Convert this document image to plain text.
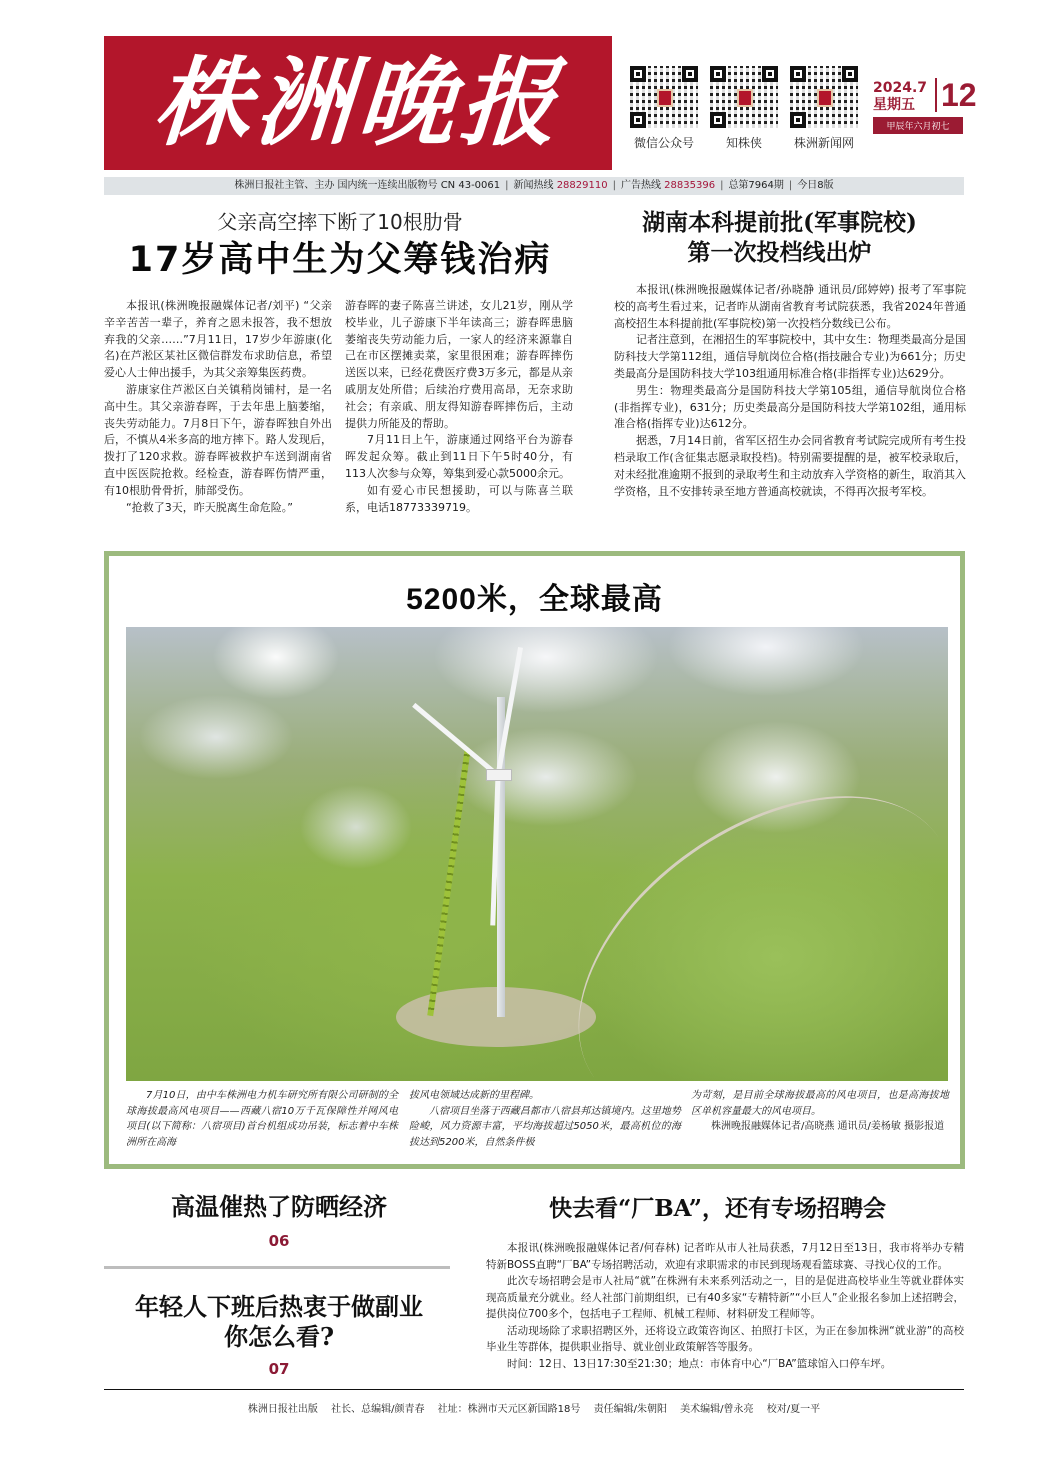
株洲晚报	微信公众号	知株侠	株洲新闻网
2024.7
星期五 12
甲辰年六月初七
株洲日报社主管、主办 国内统一连续出版物号 CN 43-0061 | 新闻热线 28829110 | 广告热线 28835396 | 总第7964期 | 今日8版
父亲高空摔下断了10根肋骨
17岁高中生为父筹钱治病

本报讯(株洲晚报融媒体记者/刘平) “父亲辛辛苦苦一辈子，养育之恩未报答，我不想放弃我的父亲……”7月11日，17岁少年游康(化名)在芦淞区某社区微信群发布求助信息，希望爱心人士伸出援手，为其父亲筹集医药费。

游康家住芦淞区白关镇稍岗铺村，是一名高中生。其父亲游春晖，于去年患上脑萎缩，丧失劳动能力。7月8日下午，游春晖独自外出后，不慎从4米多高的地方摔下。路人发现后，拨打了120求救。游春晖被救护车送到湖南省直中医医院抢救。经检查，游春晖伤情严重，有10根肋骨骨折，肺部受伤。

“抢救了3天，昨天脱离生命危险。”

游春晖的妻子陈喜兰讲述，女儿21岁，刚从学校毕业，儿子游康下半年读高三；游春晖患脑萎缩丧失劳动能力后，一家人的经济来源靠自己在市区摆摊卖菜，家里很困难；游春晖摔伤送医以来，已经花费医疗费3万多元，都是从亲戚朋友处所借；后续治疗费用高昂，无奈求助社会；有亲戚、朋友得知游春晖摔伤后，主动提供力所能及的帮助。

7月11日上午，游康通过网络平台为游春晖发起众筹。截止到11日下午5时40分，有113人次参与众筹，筹集到爱心款5000余元。

如有爱心市民想援助，可以与陈喜兰联系，电话18773339719。

湖南本科提前批(军事院校)
第一次投档线出炉

本报讯(株洲晚报融媒体记者/孙晓静 通讯员/邱婷婷) 报考了军事院校的高考生看过来，记者昨从湖南省教育考试院获悉，我省2024年普通高校招生本科提前批(军事院校)第一次投档分数线已公布。

记者注意到，在湘招生的军事院校中，其中女生：物理类最高分是国防科技大学第112组，通信导航岗位合格(指技融合专业)为661分；历史类最高分是国防科技大学103组通用标准合格(非指挥专业)达629分。

男生：物理类最高分是国防科技大学第105组，通信导航岗位合格(非指挥专业)，631分；历史类最高分是国防科技大学第102组，通用标准合格(指挥专业)达612分。

据悉，7月14日前，省军区招生办会同省教育考试院完成所有考生投档录取工作(含征集志愿录取投档)。特别需要提醒的是，被军校录取后，对未经批准逾期不报到的录取考生和主动放弃入学资格的新生，取消其入学资格，且不安排转录至地方普通高校就读，不得再次报考军校。

5200米，全球最高

7月10日，由中车株洲电力机车研究所有限公司研制的全球海拔最高风电项目——西藏八宿10万千瓦保障性并网风电项目(以下简称：八宿项目)首台机组成功吊装，标志着中车株洲所在高海

拔风电领域达成新的里程碑。

八宿项目坐落于西藏昌都市八宿县邦达镇境内。这里地势险峻，风力资源丰富，平均海拔超过5050米，最高机位的海拔达到5200米，自然条件极

为苛刻，是目前全球海拔最高的风电项目，也是高海拔地区单机容量最大的风电项目。

株洲晚报融媒体记者/高晓燕 通讯员/姜杨敏 摄影报道

高温催热了防晒经济
06
年轻人下班后热衷于做副业
你怎么看?
07
快去看“厂BA”，还有专场招聘会

本报讯(株洲晚报融媒体记者/何春林) 记者昨从市人社局获悉，7月12日至13日，我市将举办专精特新BOSS直聘“厂BA”专场招聘活动，欢迎有求职需求的市民到现场观看篮球赛、寻找心仪的工作。

此次专场招聘会是市人社局“就”在株洲有未来系列活动之一，目的是促进高校毕业生等就业群体实现高质量充分就业。经人社部门前期组织，已有40多家“专精特新”“小巨人”企业报名参加上述招聘会，提供岗位700多个，包括电子工程师、机械工程师、材料研发工程师等。

活动现场除了求职招聘区外，还将设立政策咨询区、拍照打卡区，为正在参加株洲“就业游”的高校毕业生等群体，提供职业指导、就业创业政策解答等服务。

时间：12日、13日17:30至21:30；地点：市体育中心“厂BA”篮球馆入口停车坪。

株洲日报社出版 社长、总编辑/颜青春 社址：株洲市天元区新国路18号 责任编辑/朱朝阳 美术编辑/曾永亮 校对/夏一平
